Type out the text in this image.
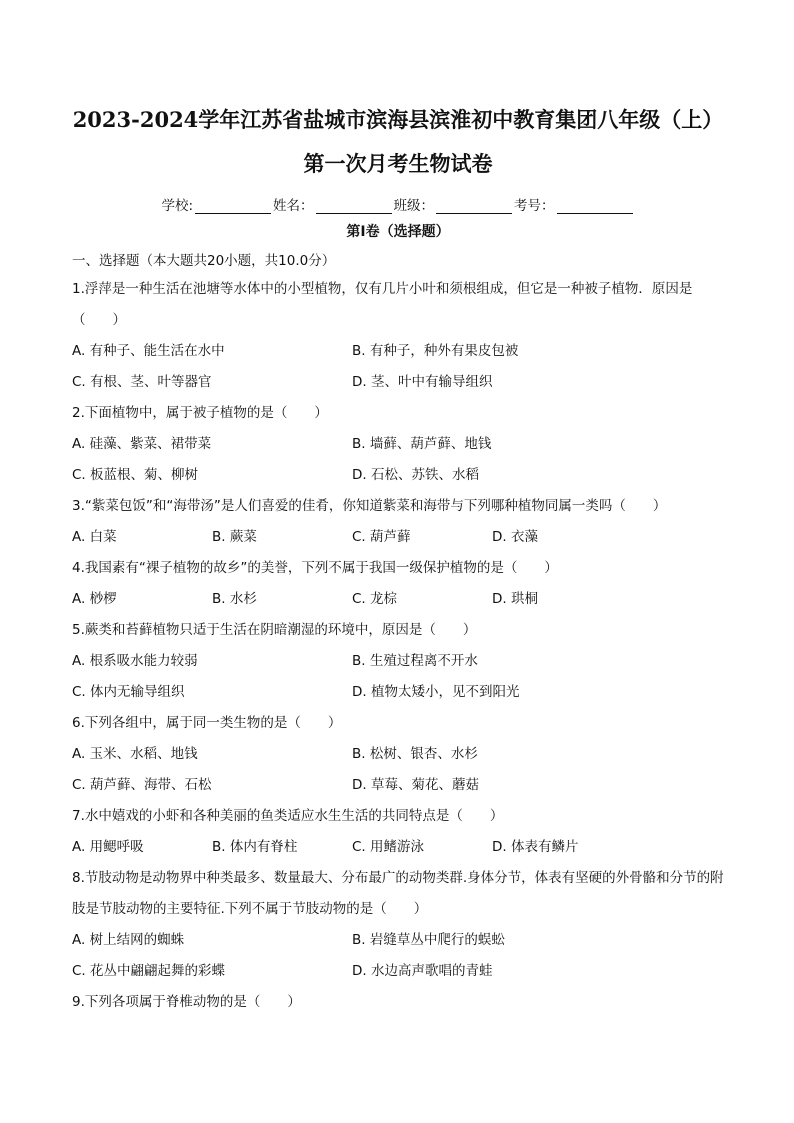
2023-2024学年江苏省盐城市滨海县滨淮初中教育集团八年级（上）第一次月考生物试卷
学校:	姓名：	班级：	考号：
第I卷（选择题）
一、选择题（本大题共20小题，共10.0分）
1.浮萍是一种生活在池塘等水体中的小型植物，仅有几片小叶和须根组成，但它是一种被子植物．原因是（　　）
A. 有种子、能生活在水中	B. 有种子，种外有果皮包被
C. 有根、茎、叶等器官	D. 茎、叶中有输导组织
2.下面植物中，属于被子植物的是（　　）
A. 硅藻、紫菜、裙带菜	B. 墙藓、葫芦藓、地钱
C. 板蓝根、菊、柳树	D. 石松、苏铁、水稻
3.“紫菜包饭”和“海带汤”是人们喜爱的佳肴，你知道紫菜和海带与下列哪种植物同属一类吗（　　）
A. 白菜	B. 蕨菜	C. 葫芦藓	D. 衣藻
4.我国素有“裸子植物的故乡”的美誉，下列不属于我国一级保护植物的是（　　）
A. 桫椤	B. 水杉	C. 龙棕	D. 珙桐
5.蕨类和苔藓植物只适于生活在阴暗潮湿的环境中，原因是（　　）
A. 根系吸水能力较弱	B. 生殖过程离不开水
C. 体内无输导组织	D. 植物太矮小，见不到阳光
6.下列各组中，属于同一类生物的是（　　）
A. 玉米、水稻、地钱	B. 松树、银杏、水杉
C. 葫芦藓、海带、石松	D. 草莓、菊花、蘑菇
7.水中嬉戏的小虾和各种美丽的鱼类适应水生生活的共同特点是（　　）
A. 用鳃呼吸	B. 体内有脊柱	C. 用鳍游泳	D. 体表有鳞片
8.节肢动物是动物界中种类最多、数量最大、分布最广的动物类群.身体分节，体表有坚硬的外骨骼和分节的附肢是节肢动物的主要特征.下列不属于节肢动物的是（　　）
A. 树上结网的蜘蛛	B. 岩缝草丛中爬行的蜈蚣
C. 花丛中翩翩起舞的彩蝶	D. 水边高声歌唱的青蛙
9.下列各项属于脊椎动物的是（　　）
